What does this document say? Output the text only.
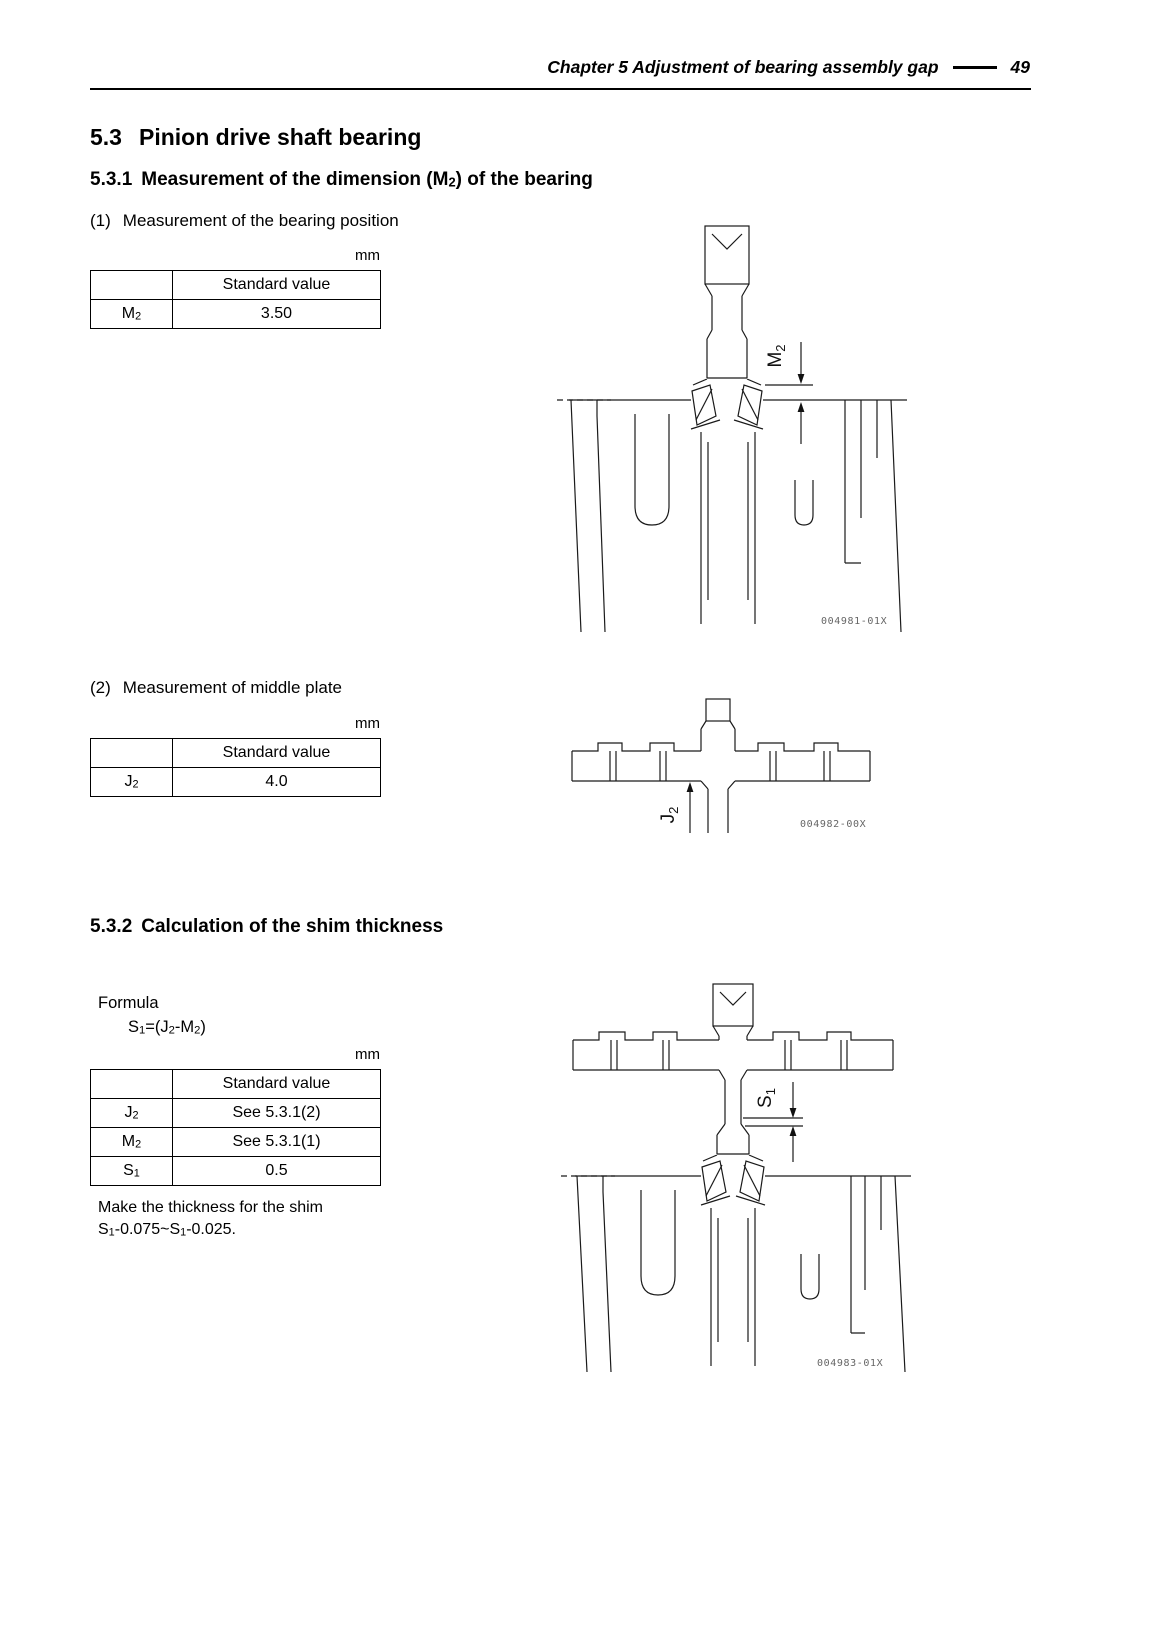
Chapter 5 Adjustment of bearing assembly gap	49
5.3 Pinion drive shaft bearing
5.3.1 Measurement of the dimension (M2) of the bearing
(1) Measurement of the bearing position
mm
	Standard value
M2	3.50
$M_2$
004981-01X
(2) Measurement of middle plate
mm
	Standard value
J2	4.0
$J_2$
004982-00X
5.3.2 Calculation of the shim thickness
Formula
S1=(J2-M2)
mm
	Standard value
J2	See 5.3.1(2)
M2	See 5.3.1(1)
S1	0.5
Make the thickness for the shim
S1-0.075~S1-0.025.
$S_1$
004983-01X
